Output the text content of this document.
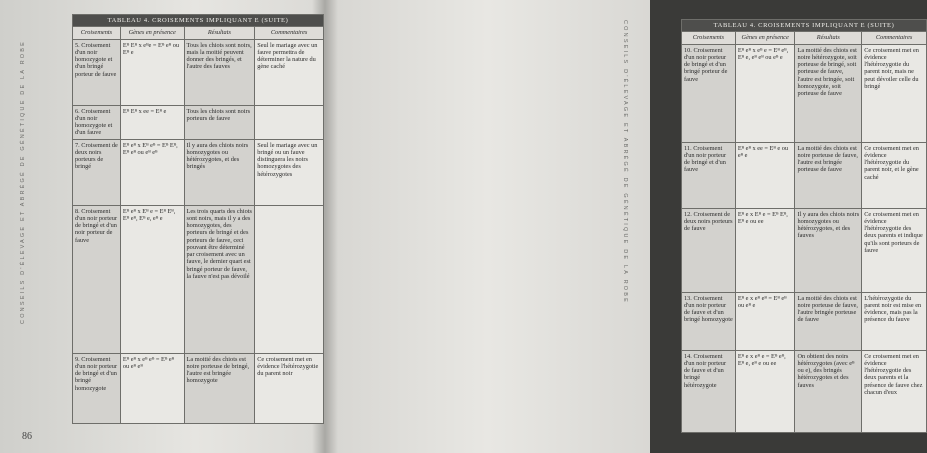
CONSEILS D'ÉLEVAGE ET ABRÉGÉ DE GÉNÉTIQUE DE LA ROBE
TABLEAU 4. CROISEMENTS IMPLIQUANT E (SUITE)			
Croisements	Gènes en présence	Résultats	Commentaires
5. Croisement d'un noir homozygote et d'un bringé porteur de fauve	Eᴮ Eᴮ x eᴮe = Eᴮ eᴮ ou Eᴮ e	Tous les chiots sont noirs, mais la moitié peuvent donner des bringés, et l'autre des fauves	Seul le mariage avec un fauve permettra de déterminer la nature du gène caché
6. Croisement d'un noir homozygote et d'un fauve	Eᴮ Eᴮ x ee = Eᴮ e	Tous les chiots sont noirs porteurs de fauve	
7. Croisement de deux noirs porteurs de bringé	Eᴮ eᴮ x Eᴮ eᴮ = Eᴮ Eᴮ, Eᴮ eᴮ ou eᴮ eᴮ	Il y aura des chiots noirs homozygotes ou hétérozygotes, et des bringés	Seul le mariage avec un bringé ou un fauve distinguera les noirs homozygotes des hétérozygotes
8. Croisement d'un noir porteur de bringé et d'un noir porteur de fauve	Eᴮ eᴮ x Eᴮ e = Eᴮ Eᴮ, Eᴮ eᴮ, Eᴮ e, eᴮ e	Les trois quarts des chiots sont noirs, mais il y a des homozygotes, des porteurs de bringé et des porteurs de fauve, ceci pouvant être déterminé par croisement avec un fauve, le dernier quart est bringé porteur de fauve, la fauve n'est pas dévoilé	
9. Croisement d'un noir porteur de bringé et d'un bringé homozygote	Eᴮ eᴮ x eᴮ eᴮ = Eᴮ eᴮ ou eᴮ eᴮ	La moitié des chiots est noire porteuse de bringé, l'autre est bringée homozygote	Ce croisement met en évidence l'hétérozygotie du parent noir
86
TABLEAU 4. CROISEMENTS IMPLIQUANT E (SUITE)			
Croisements	Gènes en présence	Résultats	Commentaires
10. Croisement d'un noir porteur de bringé et d'un bringé porteur de fauve	Eᴮ eᴮ x eᴮ e = Eᴮ eᴮ, Eᴮ e, eᴮ eᴮ ou eᴮ e	La moitié des chiots est noire hétérozygote, soit porteuse de bringé, soit porteuse de fauve, l'autre est bringée, soit homozygote, soit porteuse de fauve	Ce croisement met en évidence l'hétérozygotie du parent noir, mais ne peut dévoiler celle du bringé
11. Croisement d'un noir porteur de bringé et d'un fauve	Eᴮ eᴮ x ee = Eᴮ e ou eᴮ e	La moitié des chiots est noire porteuse de fauve, l'autre est bringée porteuse de fauve	Ce croisement met en évidence l'hétérozygotie du parent noir, et le gène caché
12. Croisement de deux noirs porteurs de fauve	Eᴮ e x Eᴮ e = Eᴮ Eᴮ, Eᴮ e ou ee	Il y aura des chiots noirs homozygotes ou hétérozygotes, et des fauves	Ce croisement met en évidence l'hétérozygotie des deux parents et indique qu'ils sont porteurs de fauve
13. Croisement d'un noir porteur de fauve et d'un bringé homozygote	Eᴮ e x eᴮ eᴮ = Eᴮ eᴮ ou eᴮ e	La moitié des chiots est noire porteuse de fauve, l'autre bringée porteuse de fauve	L'hétérozygotie du parent noir est mise en évidence, mais pas la présence du fauve
14. Croisement d'un noir porteur de fauve et d'un bringé hétérozygote	Eᴮ e x eᴮ e = Eᴮ eᴮ, Eᴮ e, eᴮ e ou ee	On obtient des noirs hétérozygotes (avec eᴮ ou e), des bringés hétérozygotes et des fauves	Ce croisement met en évidence l'hétérozygotie des deux parents et la présence de fauve chez chacun d'eux
CONSEILS D'ÉLEVAGE ET ABRÉGÉ DE GÉNÉTIQUE DE LA ROBE
